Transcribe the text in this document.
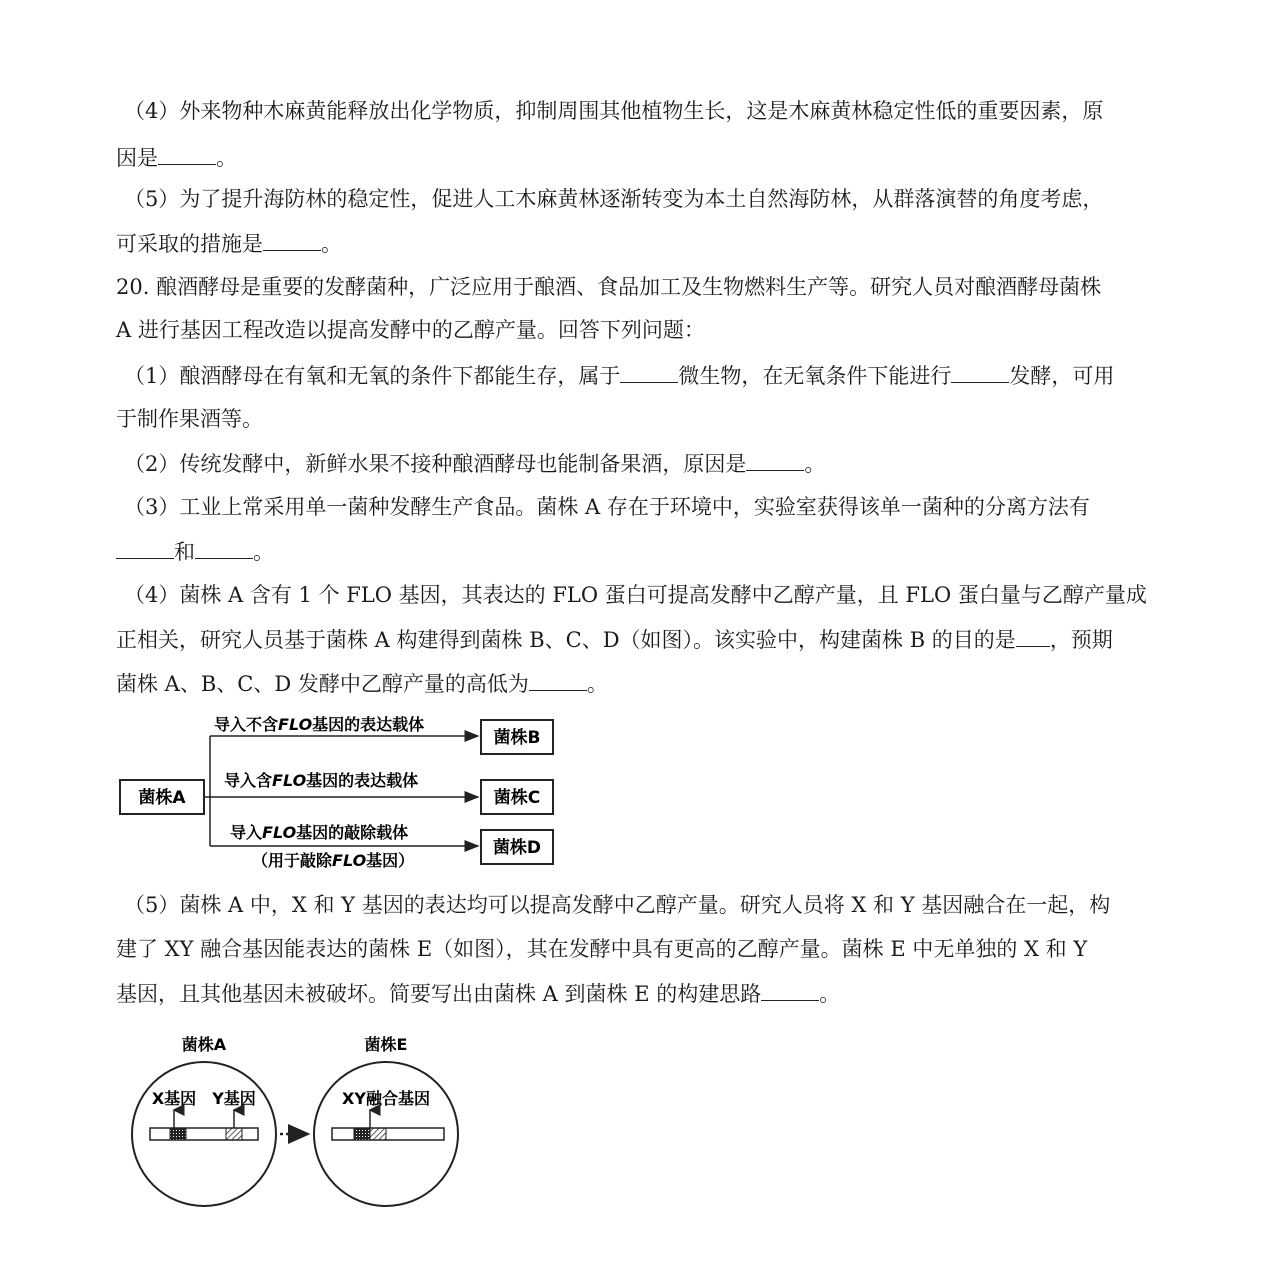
（4）外来物种木麻黄能释放出化学物质，抑制周围其他植物生长，这是木麻黄林稳定性低的重要因素，原
因是	。
（5）为了提升海防林的稳定性，促进人工木麻黄林逐渐转变为本土自然海防林，从群落演替的角度考虑，
可采取的措施是	。
20. 酿酒酵母是重要的发酵菌种，广泛应用于酿酒、食品加工及生物燃料生产等。研究人员对酿酒酵母菌株
A 进行基因工程改造以提高发酵中的乙醇产量。回答下列问题：
（1）酿酒酵母在有氧和无氧的条件下都能生存，属于	微生物，在无氧条件下能进行	发酵，可用
于制作果酒等。
（2）传统发酵中，新鲜水果不接种酿酒酵母也能制备果酒，原因是	。
（3）工业上常采用单一菌种发酵生产食品。菌株 A 存在于环境中，实验室获得该单一菌种的分离方法有
和	。
（4）菌株 A 含有 1 个 FLO 基因，其表达的 FLO 蛋白可提高发酵中乙醇产量，且 FLO 蛋白量与乙醇产量成
正相关，研究人员基于菌株 A 构建得到菌株 B、C、D（如图）。该实验中，构建菌株 B 的目的是 ，预期
菌株 A、B、C、D 发酵中乙醇产量的高低为	。
菌株A
导入不含FLO基因的表达载体
导入含FLO基因的表达载体
导入FLO基因的敲除载体
（用于敲除FLO基因）
菌株B
菌株C
菌株D
（5）菌株 A 中，X 和 Y 基因的表达均可以提高发酵中乙醇产量。研究人员将 X 和 Y 基因融合在一起，构
建了 XY 融合基因能表达的菌株 E（如图），其在发酵中具有更高的乙醇产量。菌株 E 中无单独的 X 和 Y
基因，且其他基因未被破坏。简要写出由菌株 A 到菌株 E 的构建思路	。
菌株A
X基因 Y基因
菌株E
XY融合基因
